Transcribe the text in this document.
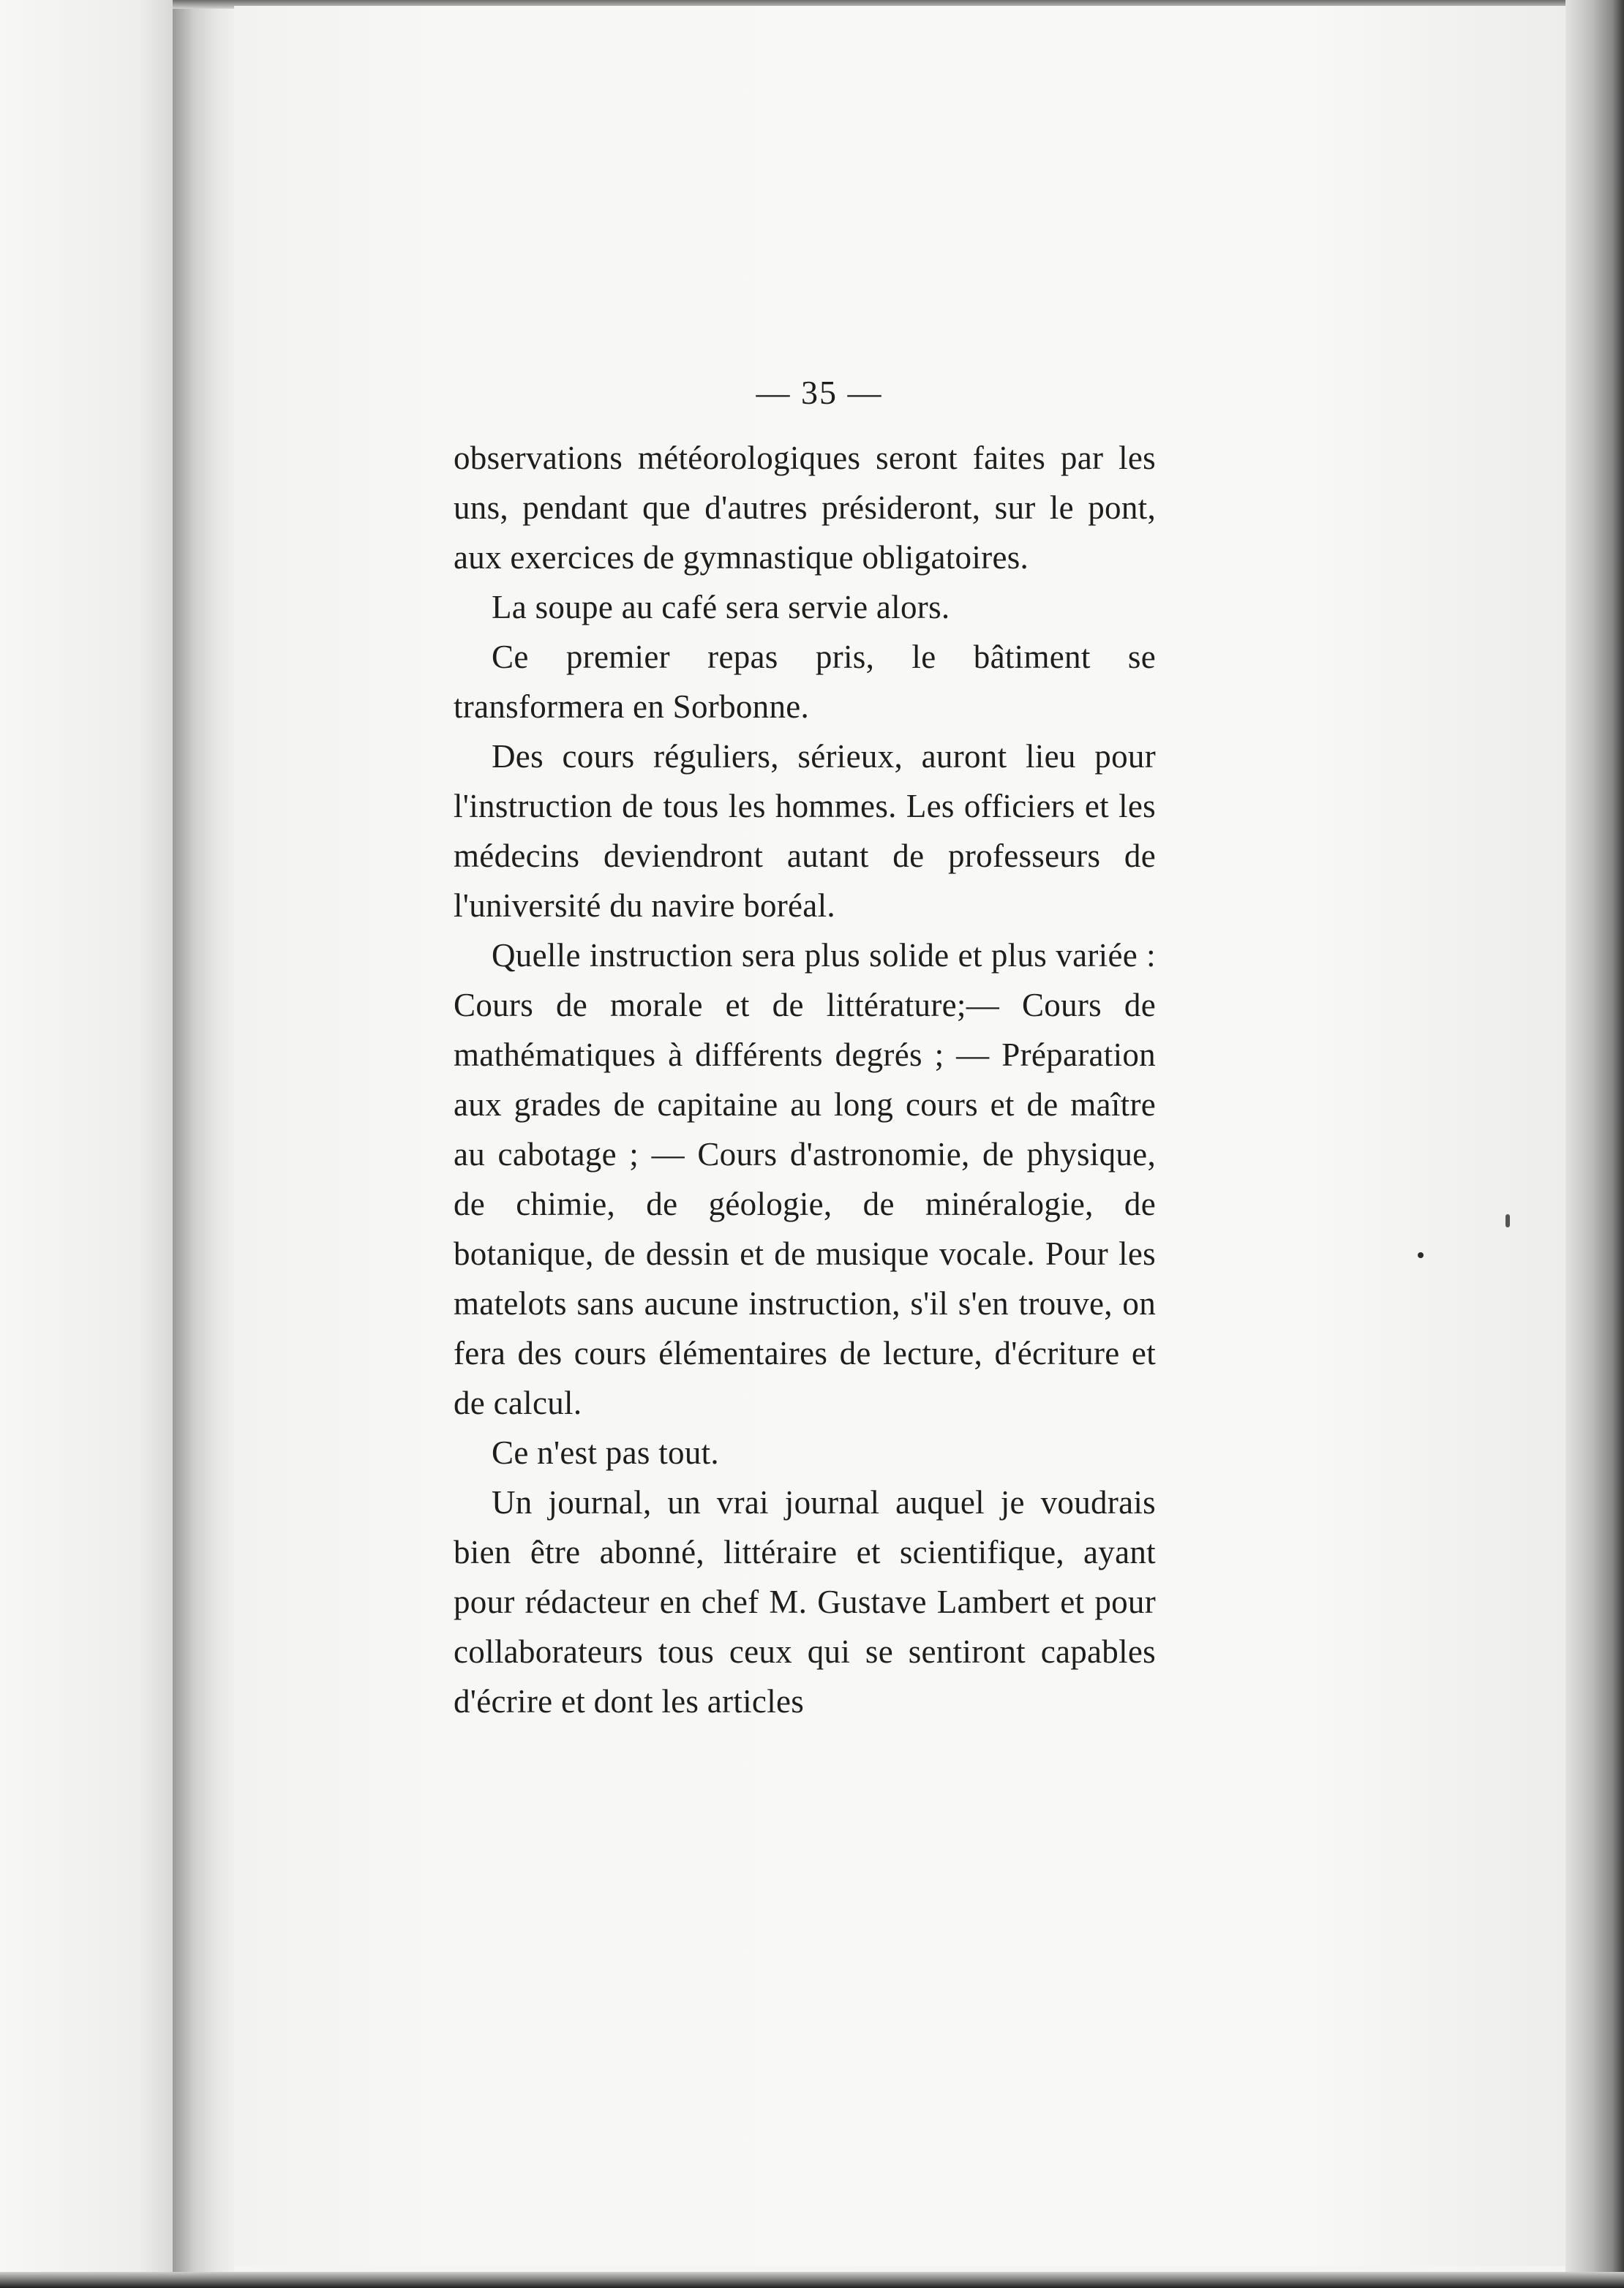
— 35 —

observations météorologiques seront faites par les uns, pendant que d'autres présideront, sur le pont, aux exercices de gymnastique obligatoires.

La soupe au café sera servie alors.

Ce premier repas pris, le bâtiment se transformera en Sorbonne.

Des cours réguliers, sérieux, auront lieu pour l'instruction de tous les hommes. Les officiers et les médecins deviendront autant de professeurs de l'université du navire boréal.

Quelle instruction sera plus solide et plus variée : Cours de morale et de littérature;— Cours de mathématiques à différents degrés ; — Préparation aux grades de capitaine au long cours et de maître au cabotage ; — Cours d'astronomie, de physique, de chimie, de géologie, de minéralogie, de botanique, de dessin et de musique vocale. Pour les matelots sans aucune instruction, s'il s'en trouve, on fera des cours élémentaires de lecture, d'écriture et de calcul.

Ce n'est pas tout.

Un journal, un vrai journal auquel je voudrais bien être abonné, littéraire et scientifique, ayant pour rédacteur en chef M. Gustave Lambert et pour collaborateurs tous ceux qui se sentiront capables d'écrire et dont les articles
